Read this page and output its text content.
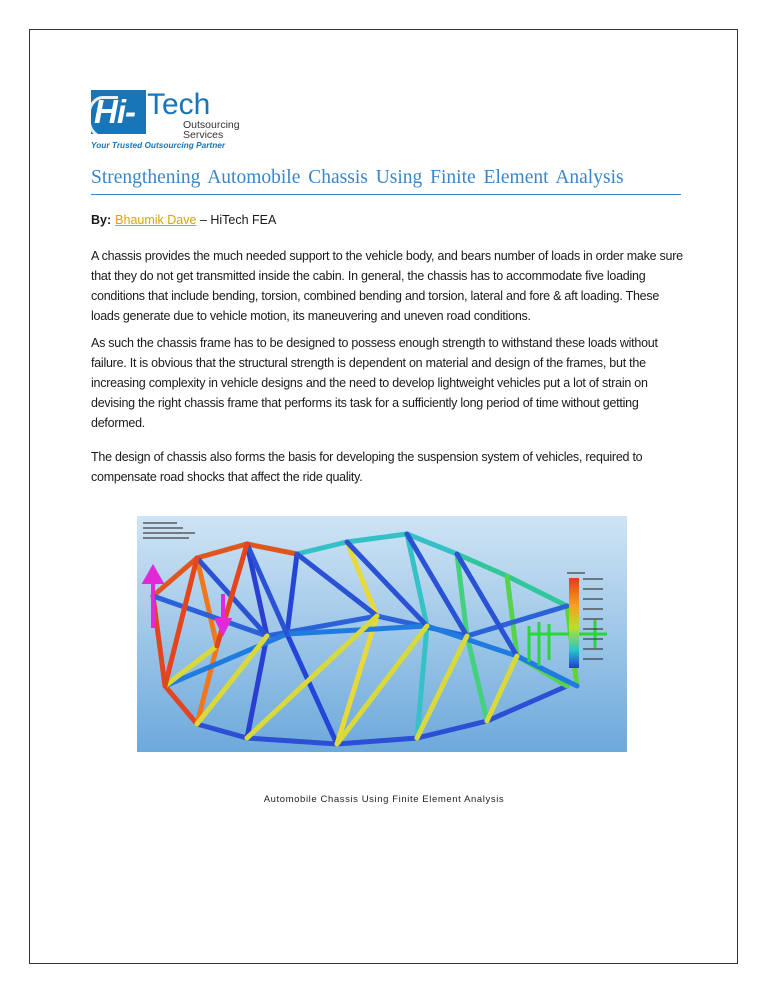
Hi- Tech
Outsourcing
Services
Your Trusted Outsourcing Partner
Strengthening Automobile Chassis Using Finite Element Analysis
By: Bhaumik Dave – HiTech FEA

A chassis provides the much needed support to the vehicle body, and bears number of loads in order make sure that they do not get transmitted inside the cabin. In general, the chassis has to accommodate five loading conditions that include bending, torsion, combined bending and torsion, lateral and fore & aft loading. These loads generate due to vehicle motion, its maneuvering and uneven road conditions.

As such the chassis frame has to be designed to possess enough strength to withstand these loads without failure. It is obvious that the structural strength is dependent on material and design of the frames, but the increasing complexity in vehicle designs and the need to develop lightweight vehicles put a lot of strain on devising the right chassis frame that performs its task for a sufficiently long period of time without getting deformed.

The design of chassis also forms the basis for developing the suspension system of vehicles, required to compensate road shocks that affect the ride quality.

Automobile Chassis Using Finite Element Analysis
